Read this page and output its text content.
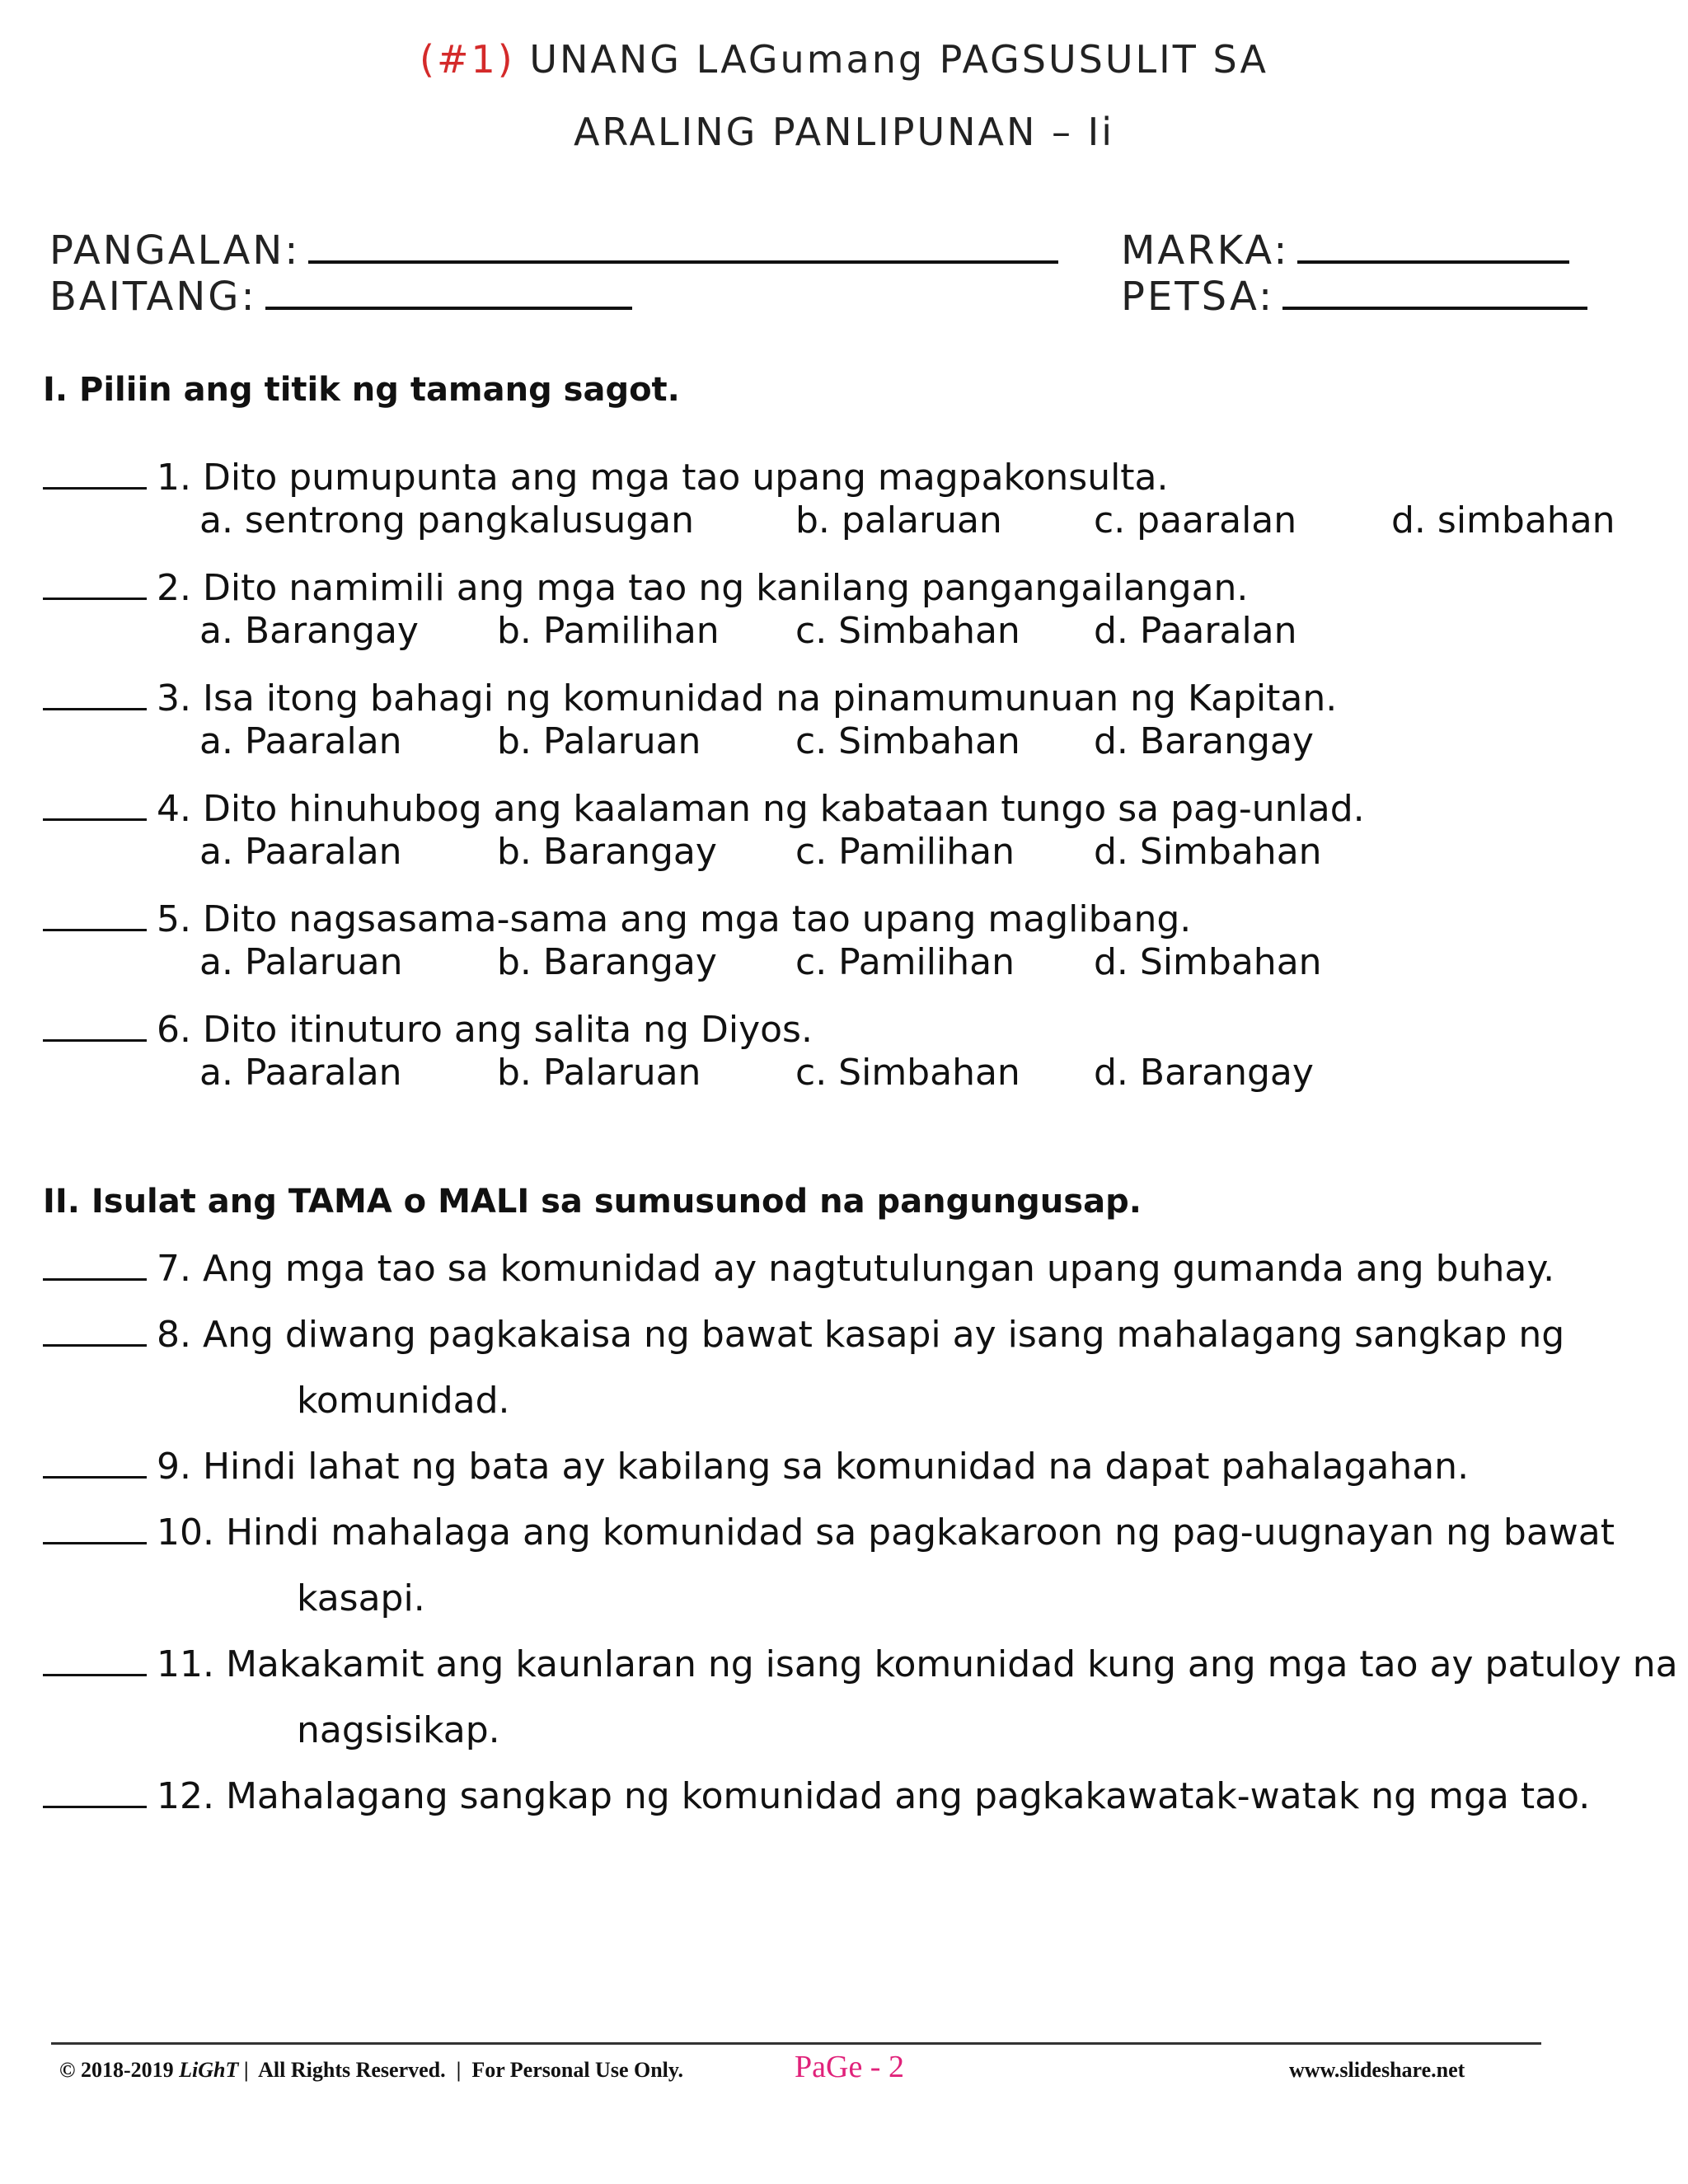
(#1) UNANG LAGumang PAGSUSULIT SA
ARALING PANLIPUNAN – Ii
PANGALAN:
BAITANG:
MARKA:
PETSA:
I. Piliin ang titik ng tamang sagot.
1. Dito pumupunta ang mga tao upang magpakonsulta.
a. sentrong pangkalusugan	b. palaruan	c. paaralan	d. simbahan
2. Dito namimili ang mga tao ng kanilang pangangailangan.
a. Barangay b. Pamilihan c. Simbahan d. Paaralan
3. Isa itong bahagi ng komunidad na pinamumunuan ng Kapitan.
a. Paaralan	b. Palaruan	c. Simbahan d. Barangay
4. Dito hinuhubog ang kaalaman ng kabataan tungo sa pag-unlad.
a. Paaralan	b. Barangay c. Pamilihan d. Simbahan
5. Dito nagsasama-sama ang mga tao upang maglibang.
a. Palaruan	b. Barangay c. Pamilihan d. Simbahan
6. Dito itinuturo ang salita ng Diyos.
a. Paaralan	b. Palaruan	c. Simbahan d. Barangay
II. Isulat ang TAMA o MALI sa sumusunod na pangungusap.
7. Ang mga tao sa komunidad ay nagtutulungan upang gumanda ang buhay.
8. Ang diwang pagkakaisa ng bawat kasapi ay isang mahalagang sangkap ng
komunidad.
9. Hindi lahat ng bata ay kabilang sa komunidad na dapat pahalagahan.
10. Hindi mahalaga ang komunidad sa pagkakaroon ng pag-uugnayan ng bawat
kasapi.
11. Makakamit ang kaunlaran ng isang komunidad kung ang mga tao ay patuloy na
nagsisikap.
12. Mahalagang sangkap ng komunidad ang pagkakawatak-watak ng mga tao.
© 2018-2019 LiGhT |  All Rights Reserved.  |  For Personal Use Only.	PaGe - 2	www.slideshare.net
